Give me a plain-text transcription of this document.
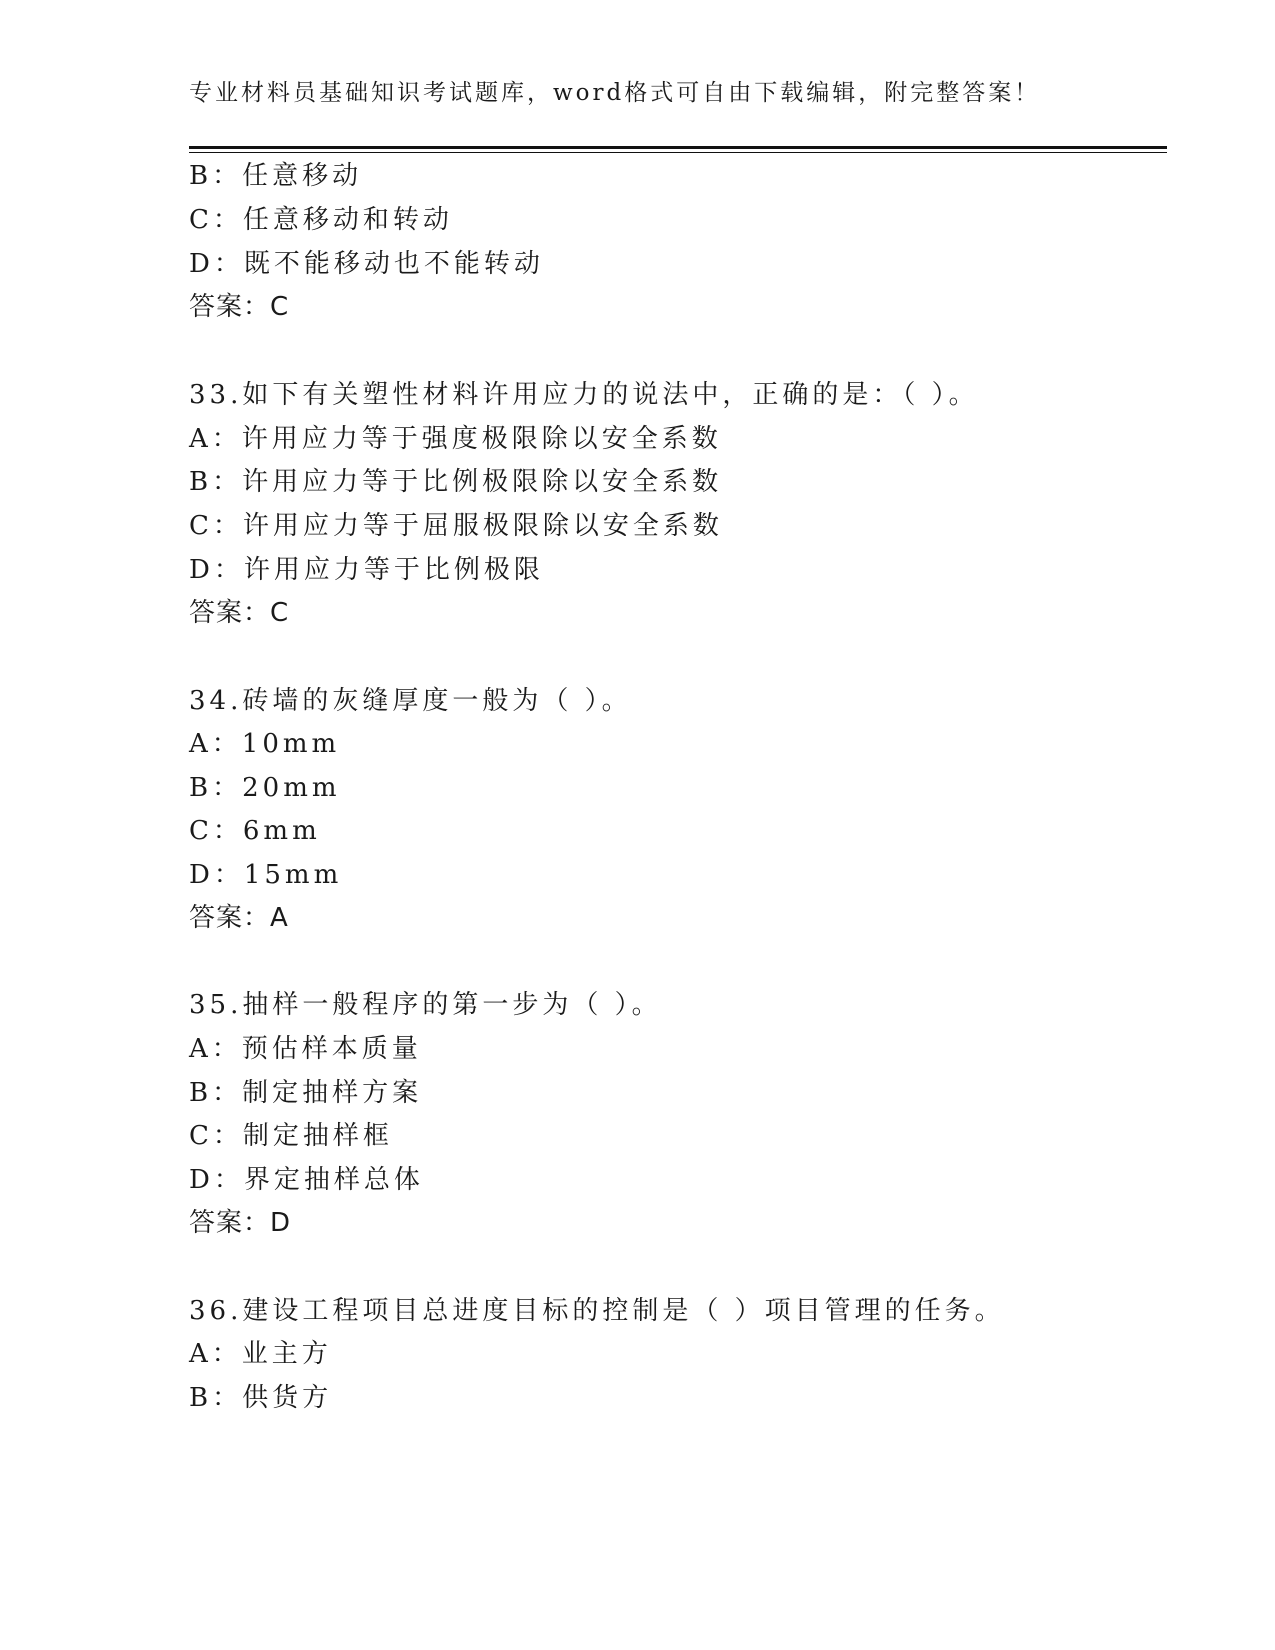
专业材料员基础知识考试题库，word格式可自由下载编辑，附完整答案！
B：任意移动
C：任意移动和转动
D：既不能移动也不能转动
答案：C
33.如下有关塑性材料许用应力的说法中，正确的是：（ ）。
A：许用应力等于强度极限除以安全系数
B：许用应力等于比例极限除以安全系数
C：许用应力等于屈服极限除以安全系数
D：许用应力等于比例极限
答案：C
34.砖墙的灰缝厚度一般为（ ）。
A：10mm
B：20mm
C：6mm
D：15mm
答案：A
35.抽样一般程序的第一步为（ ）。
A：预估样本质量
B：制定抽样方案
C：制定抽样框
D：界定抽样总体
答案：D
36.建设工程项目总进度目标的控制是（ ）项目管理的任务。
A：业主方
B：供货方
